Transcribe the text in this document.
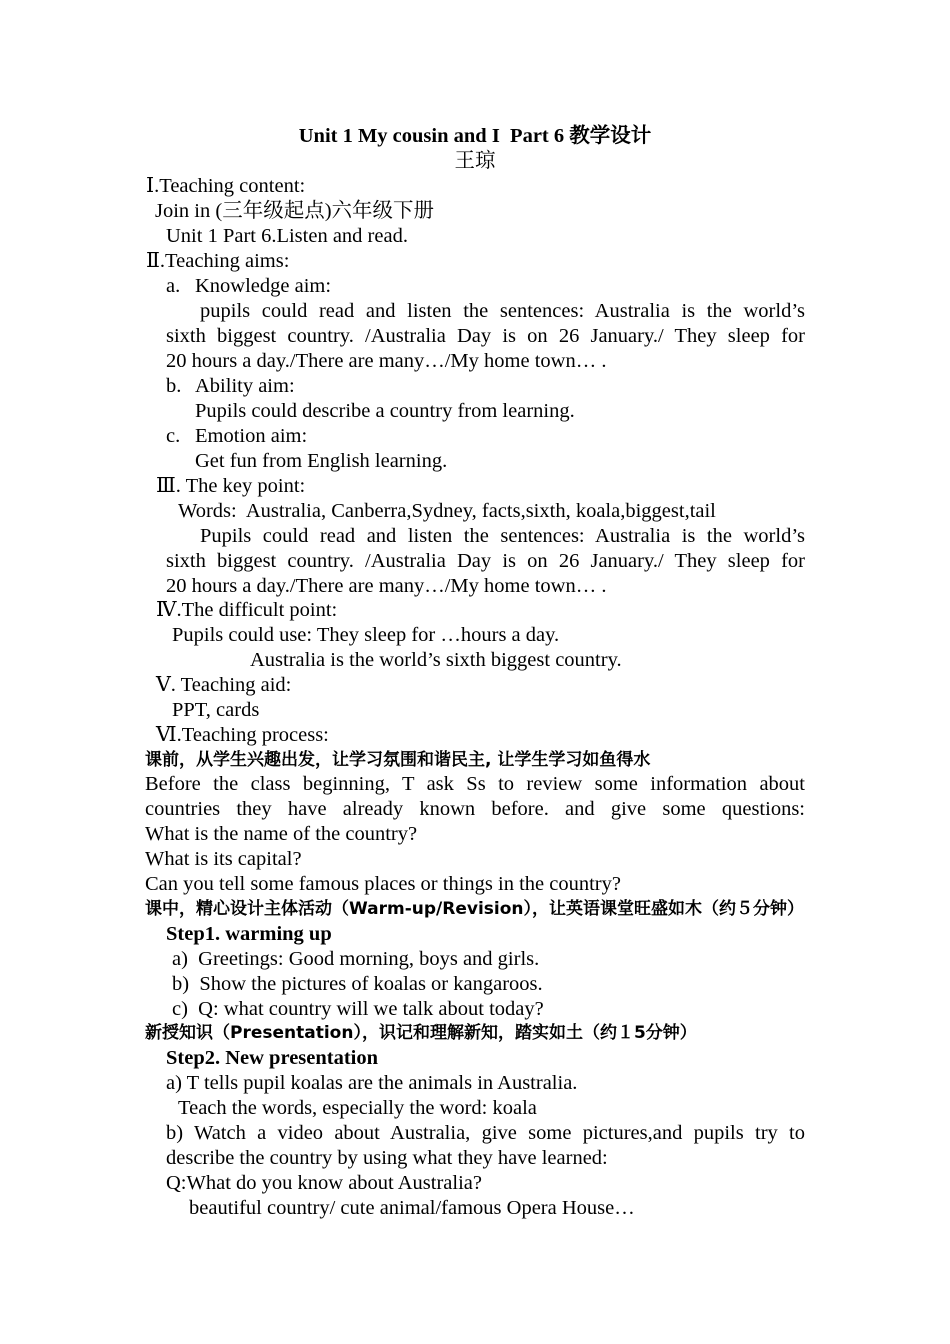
Unit 1 My cousin and I  Part 6 教学设计
王琼
Ⅰ.Teaching content:
Join in (三年级起点)六年级下册
Unit 1 Part 6.Listen and read.
Ⅱ.Teaching aims:
a. Knowledge aim:
pupils could read and listen the sentences: Australia is the world’s
sixth biggest country. /Australia Day is on 26 January./ They sleep for
20 hours a day./There are many…/My home town… .
b. Ability aim:
Pupils could describe a country from learning.
c. Emotion aim:
Get fun from English learning.
Ⅲ. The key point:
Words:  Australia, Canberra,Sydney, facts,sixth, koala,biggest,tail
Pupils could read and listen the sentences: Australia is the world’s
sixth biggest country. /Australia Day is on 26 January./ They sleep for
20 hours a day./There are many…/My home town… .
Ⅳ.The difficult point:
Pupils could use: They sleep for …hours a day.
Australia is the world’s sixth biggest country.
Ⅴ. Teaching aid:
PPT, cards
Ⅵ.Teaching process:
课前，从学生兴趣出发，让学习氛围和谐民主, 让学生学习如鱼得水
Before the class beginning, T ask Ss to review some information about
countries they have already known before. and give some questions:
What is the name of the country?
What is its capital?
Can you tell some famous places or things in the country?
课中，精心设计主体活动（Warm-up/Revision），让英语课堂旺盛如木（约５分钟）
Step1. warming up
a)  Greetings: Good morning, boys and girls.
b)  Show the pictures of koalas or kangaroos.
c)  Q: what country will we talk about today?
新授知识（Presentation），识记和理解新知，踏实如土（约１5分钟）
Step2. New presentation
a) T tells pupil koalas are the animals in Australia.
Teach the words, especially the word: koala
b) Watch a video about Australia, give some pictures,and pupils try to
describe the country by using what they have learned:
Q:What do you know about Australia?
beautiful country/ cute animal/famous Opera House…
